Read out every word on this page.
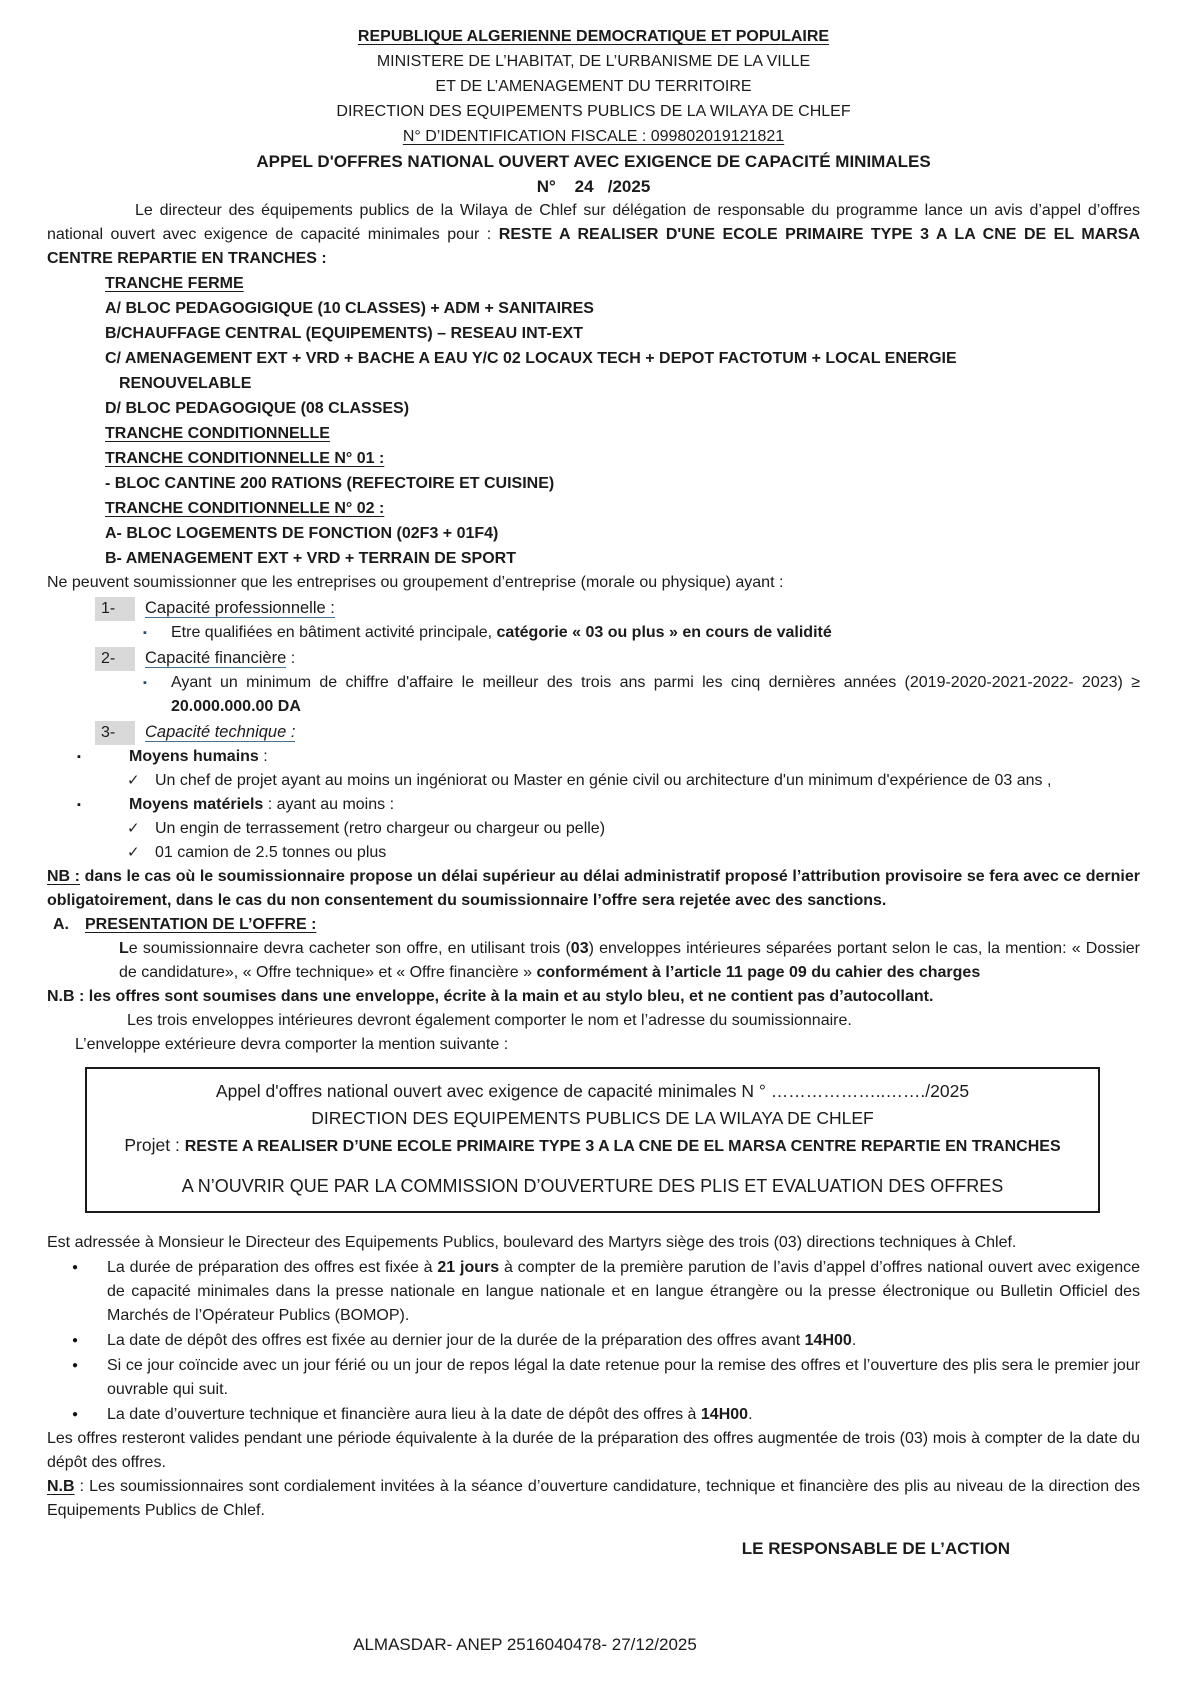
REPUBLIQUE ALGERIENNE DEMOCRATIQUE ET POPULAIRE
MINISTERE DE L’HABITAT, DE L’URBANISME DE LA VILLE
ET DE L’AMENAGEMENT DU TERRITOIRE
DIRECTION DES EQUIPEMENTS PUBLICS DE LA WILAYA DE CHLEF
N° D’IDENTIFICATION FISCALE : 099802019121821
APPEL D'OFFRES NATIONAL OUVERT AVEC EXIGENCE DE CAPACITÉ MINIMALES
N°    24   /2025

Le directeur des équipements publics de la Wilaya de Chlef sur délégation de responsable du programme lance un avis d’appel d’offres national ouvert avec exigence de capacité minimales pour : RESTE A REALISER D'UNE ECOLE PRIMAIRE TYPE 3 A LA CNE DE EL MARSA CENTRE REPARTIE EN TRANCHES :

TRANCHE FERME
A/ BLOC PEDAGOGIGIQUE (10 CLASSES) + ADM + SANITAIRES
B/CHAUFFAGE CENTRAL (EQUIPEMENTS) – RESEAU INT-EXT
C/ AMENAGEMENT EXT + VRD + BACHE A EAU Y/C 02 LOCAUX TECH + DEPOT FACTOTUM + LOCAL ENERGIE
RENOUVELABLE
D/ BLOC PEDAGOGIQUE (08 CLASSES)
TRANCHE CONDITIONNELLE
TRANCHE CONDITIONNELLE N° 01 :
- BLOC CANTINE 200 RATIONS (REFECTOIRE ET CUISINE)
TRANCHE CONDITIONNELLE N° 02 :
A- BLOC LOGEMENTS DE FONCTION (02F3 + 01F4)
B- AMENAGEMENT EXT + VRD + TERRAIN DE SPORT

Ne peuvent soumissionner que les entreprises ou groupement d’entreprise (morale ou physique) ayant :

1- Capacité professionnelle :
▪	Etre qualifiées en bâtiment activité principale, catégorie « 03 ou plus » en cours de validité
2- Capacité financière :
▪	Ayant un minimum de chiffre d'affaire le meilleur des trois ans parmi les cinq dernières années (2019-2020-2021-2022- 2023) ≥ 20.000.000.00 DA
3- Capacité technique :
▪	Moyens humains :
✓ Un chef de projet ayant au moins un ingéniorat ou Master en génie civil ou architecture d'un minimum d'expérience de 03 ans ,
▪	Moyens matériels : ayant au moins :
✓ Un engin de terrassement (retro chargeur ou chargeur ou pelle)
✓ 01 camion de 2.5 tonnes ou plus

NB : dans le cas où le soumissionnaire propose un délai supérieur au délai administratif proposé l’attribution provisoire se fera avec ce dernier obligatoirement, dans le cas du non consentement du soumissionnaire l’offre sera rejetée avec des sanctions.

A. PRESENTATION DE L’OFFRE :

Le soumissionnaire devra cacheter son offre, en utilisant trois (03) enveloppes intérieures séparées portant selon le cas, la mention: « Dossier de candidature», « Offre technique» et « Offre financière » conformément à l’article 11 page 09 du cahier des charges

N.B : les offres sont soumises dans une enveloppe, écrite à la main et au stylo bleu, et ne contient pas d’autocollant.

Les trois enveloppes intérieures devront également comporter le nom et l’adresse du soumissionnaire.

L’enveloppe extérieure devra comporter la mention suivante :

Appel d'offres national ouvert avec exigence de capacité minimales N ° ………………..……./2025
DIRECTION DES EQUIPEMENTS PUBLICS DE LA WILAYA DE CHLEF
Projet : RESTE A REALISER D’UNE ECOLE PRIMAIRE TYPE 3 A LA CNE DE EL MARSA CENTRE REPARTIE EN TRANCHES
A N’OUVRIR QUE PAR LA COMMISSION D’OUVERTURE DES PLIS ET EVALUATION DES OFFRES

Est adressée à Monsieur le Directeur des Equipements Publics, boulevard des Martyrs siège des trois (03) directions techniques à Chlef.

●	La durée de préparation des offres est fixée à 21 jours à compter de la première parution de l’avis d’appel d’offres national ouvert avec exigence de capacité minimales dans la presse nationale en langue nationale et en langue étrangère ou la presse électronique ou Bulletin Officiel des Marchés de l’Opérateur Publics (BOMOP).
●	La date de dépôt des offres est fixée au dernier jour de la durée de la préparation des offres avant 14H00.
●	Si ce jour coïncide avec un jour férié ou un jour de repos légal la date retenue pour la remise des offres et l’ouverture des plis sera le premier jour ouvrable qui suit.
●	La date d’ouverture technique et financière aura lieu à la date de dépôt des offres à 14H00.

Les offres resteront valides pendant une période équivalente à la durée de la préparation des offres augmentée de trois (03) mois à compter de la date du dépôt des offres.

N.B : Les soumissionnaires sont cordialement invitées à la séance d’ouverture candidature, technique et financière des plis au niveau de la direction des Equipements Publics de Chlef.

LE RESPONSABLE DE L’ACTION
ALMASDAR- ANEP 2516040478- 27/12/2025
